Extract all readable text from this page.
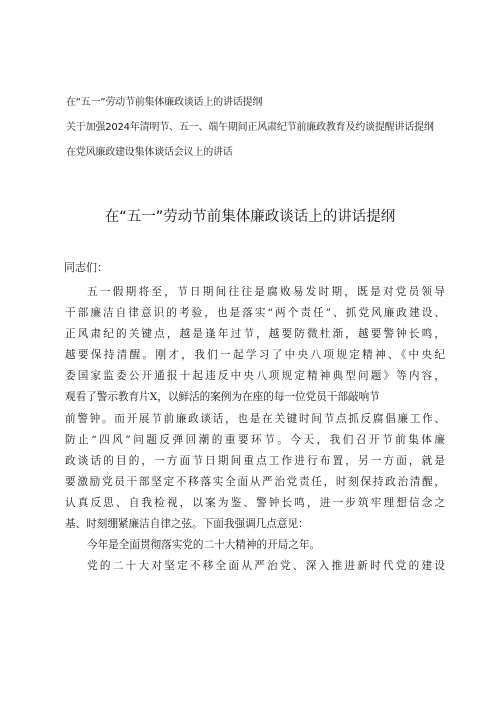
在“五一”劳动节前集体廉政谈话上的讲话提纲
关于加强2024年清明节、五一、端午期间正风肃纪节前廉政教育及约谈提醒讲话提纲
在党风廉政建设集体谈话会议上的讲话
在“五一”劳动节前集体廉政谈话上的讲话提纲
同志们：
五一假期将至，节日期间往往是腐败易发时期，既是对党员领导
干部廉洁自律意识的考验，也是落实“两个责任”、抓党风廉政建设、
正风肃纪的关键点，越是逢年过节，越要防微杜渐，越要警钟长鸣，
越要保持清醒。刚才，我们一起学习了中央八项规定精神、《中央纪
委国家监委公开通报十起违反中央八项规定精神典型问题》等内容，
观看了警示教育片X，以鲜活的案例为在座的每一位党员干部敲响节
前警钟。而开展节前廉政谈话，也是在关键时间节点抓反腐倡廉工作、
防止“四风”问题反弹回潮的重要环节。今天，我们召开节前集体廉
政谈话的目的，一方面节日期间重点工作进行布置，另一方面，就是
要激励党员干部坚定不移落实全面从严治党责任，时刻保持政治清醒，
认真反思、自我检视，以案为鉴、警钟长鸣，进一步筑牢理想信念之
基、时刻绷紧廉洁自律之弦。下面我强调几点意见：
今年是全面贯彻落实党的二十大精神的开局之年。
党的二十大对坚定不移全面从严治党、深入推进新时代党的建设
